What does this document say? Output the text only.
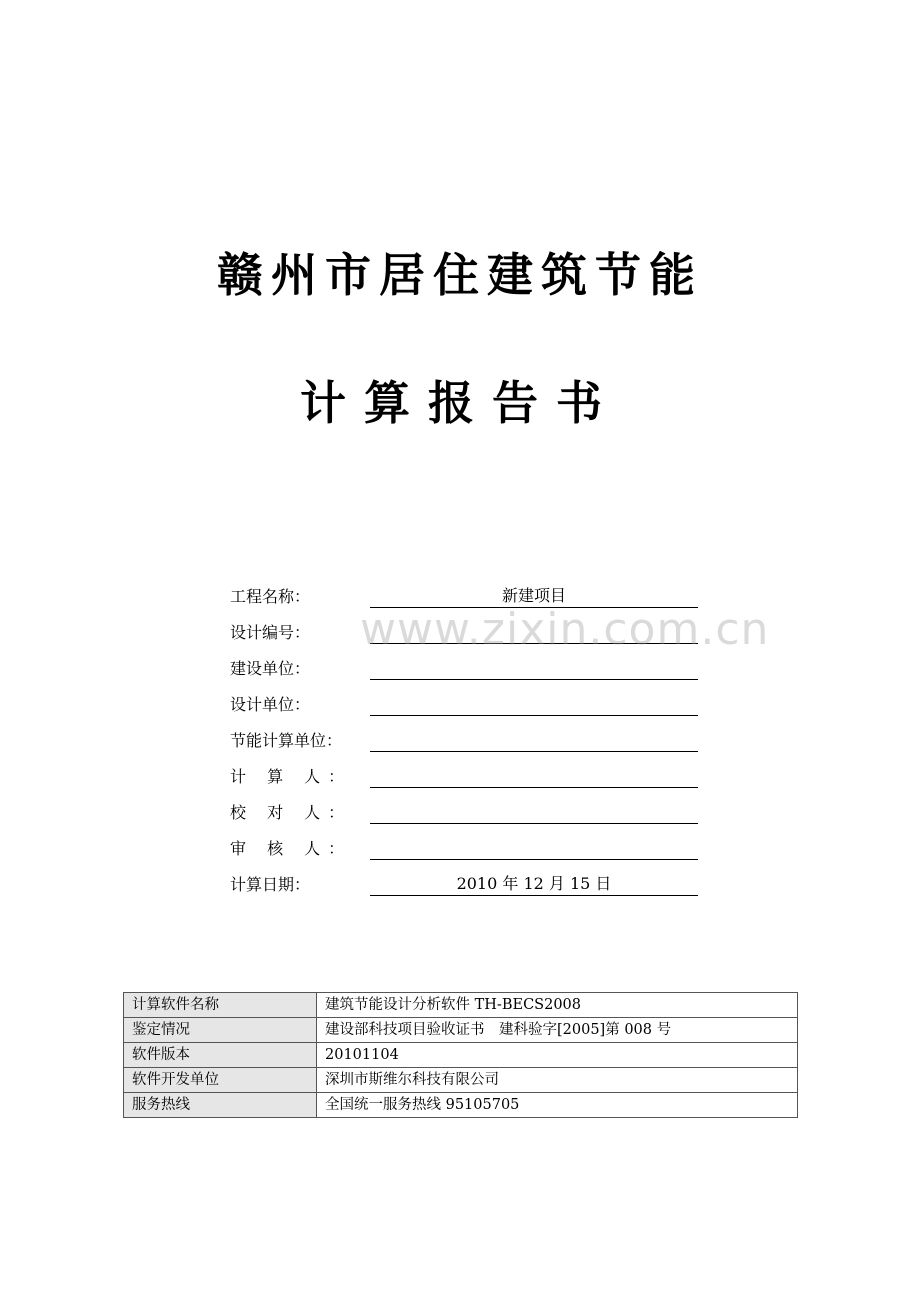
赣州市居住建筑节能
计算报告书
工程名称：	新建项目
设计编号：
建设单位：
设计单位：
节能计算单位：
计 算 人：
校 对 人：
审 核 人：
计算日期：	2010 年 12 月 15 日
www.zixin.com.cn
计算软件名称	建筑节能设计分析软件 TH-BECS2008
鉴定情况	建设部科技项目验收证书　建科验字[2005]第 008 号
软件版本	20101104
软件开发单位	深圳市斯维尔科技有限公司
服务热线	全国统一服务热线 95105705
